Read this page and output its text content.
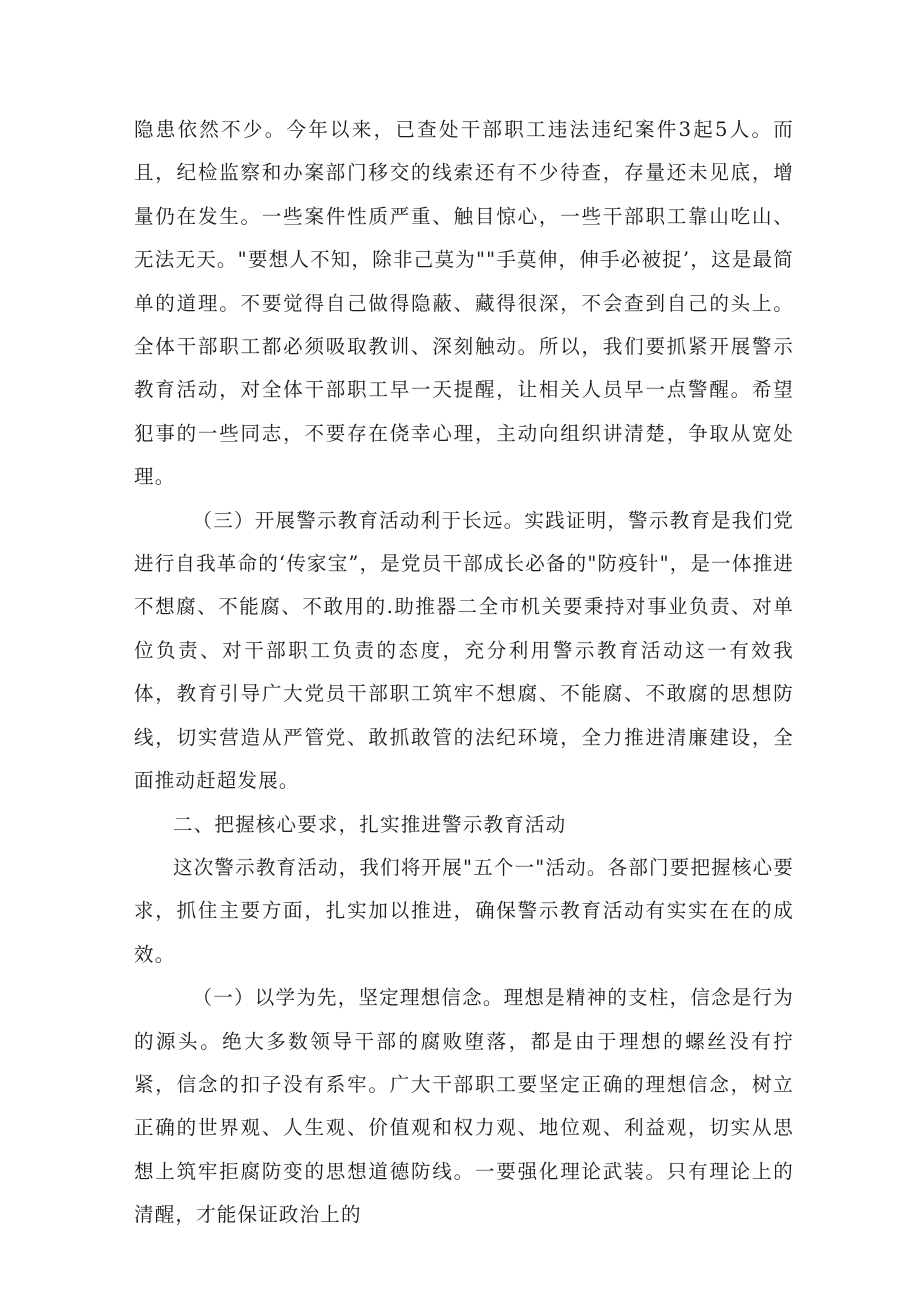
隐患依然不少。今年以来，已查处干部职工违法违纪案件3起5人。而且，纪检监察和办案部门移交的线索还有不少待查，存量还未见底，增量仍在发生。一些案件性质严重、触目惊心，一些干部职工靠山吃山、无法无天。"要想人不知，除非己莫为""手莫伸，伸手必被捉’，这是最简单的道理。不要觉得自己做得隐蔽、藏得很深，不会查到自己的头上。全体干部职工都必须吸取教训、深刻触动。所以，我们要抓紧开展警示教育活动，对全体干部职工早一天提醒，让相关人员早一点警醒。希望犯事的一些同志，不要存在侥幸心理，主动向组织讲清楚，争取从宽处理。

（三）开展警示教育活动利于长远。实践证明，警示教育是我们党进行自我革命的‘传家宝”，是党员干部成长必备的"防疫针"，是一体推进不想腐、不能腐、不敢用的.助推器二全市机关要秉持对事业负责、对单位负责、对干部职工负责的态度，充分利用警示教育活动这一有效我体，教育引导广大党员干部职工筑牢不想腐、不能腐、不敢腐的思想防线，切实营造从严管党、敢抓敢管的法纪环境，全力推进清廉建设，全面推动赶超发展。

二、把握核心要求，扎实推进警示教育活动

这次警示教育活动，我们将开展"五个一"活动。各部门要把握核心要求，抓住主要方面，扎实加以推进，确保警示教育活动有实实在在的成效。

（一）以学为先，坚定理想信念。理想是精神的支柱，信念是行为的源头。绝大多数领导干部的腐败堕落，都是由于理想的螺丝没有拧紧，信念的扣子没有系牢。广大干部职工要坚定正确的理想信念，树立正确的世界观、人生观、价值观和权力观、地位观、利益观，切实从思想上筑牢拒腐防变的思想道德防线。一要强化理论武装。只有理论上的清醒，才能保证政治上的
